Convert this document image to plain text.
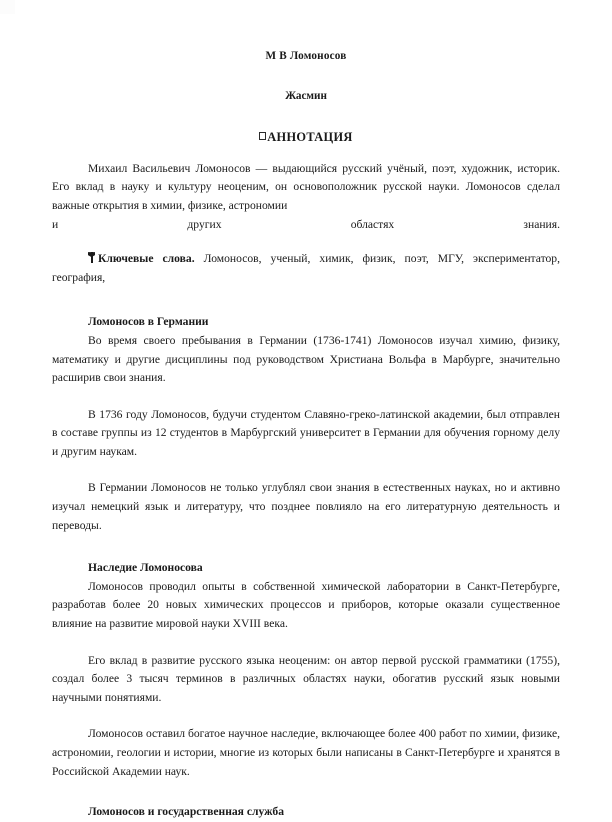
М В Ломоносов
Жасмин
АННОТАЦИЯ

Михаил Васильевич Ломоносов — выдающийся русский учёный, поэт, художник, историк. Его вклад в науку и культуру неоценим, он основоположник русской науки. Ломоносов сделал важные открытия в химии, физике, астрономии

и	других	областях	знания.

Ключевые слова. Ломоносов, ученый, химик, физик, поэт, МГУ, экспериментатор, география,

Ломоносов в Германии

Во время своего пребывания в Германии (1736-1741) Ломоносов изучал химию, физику, математику и другие дисциплины под руководством Христиана Вольфа в Марбурге, значительно расширив свои знания.

В 1736 году Ломоносов, будучи студентом Славяно-греко-латинской академии, был отправлен в составе группы из 12 студентов в Марбургский университет в Германии для обучения горному делу и другим наукам.

В Германии Ломоносов не только углублял свои знания в естественных науках, но и активно изучал немецкий язык и литературу, что позднее повлияло на его литературную деятельность и переводы.

Наследие Ломоносова

Ломоносов проводил опыты в собственной химической лаборатории в Санкт-Петербурге, разработав более 20 новых химических процессов и приборов, которые оказали существенное влияние на развитие мировой науки XVIII века.

Его вклад в развитие русского языка неоценим: он автор первой русской грамматики (1755), создал более 3 тысяч терминов в различных областях науки, обогатив русский язык новыми научными понятиями.

Ломоносов оставил богатое научное наследие, включающее более 400 работ по химии, физике, астрономии, геологии и истории, многие из которых были написаны в Санкт-Петербурге и хранятся в Российской Академии наук.

Ломоносов и государственная служба
